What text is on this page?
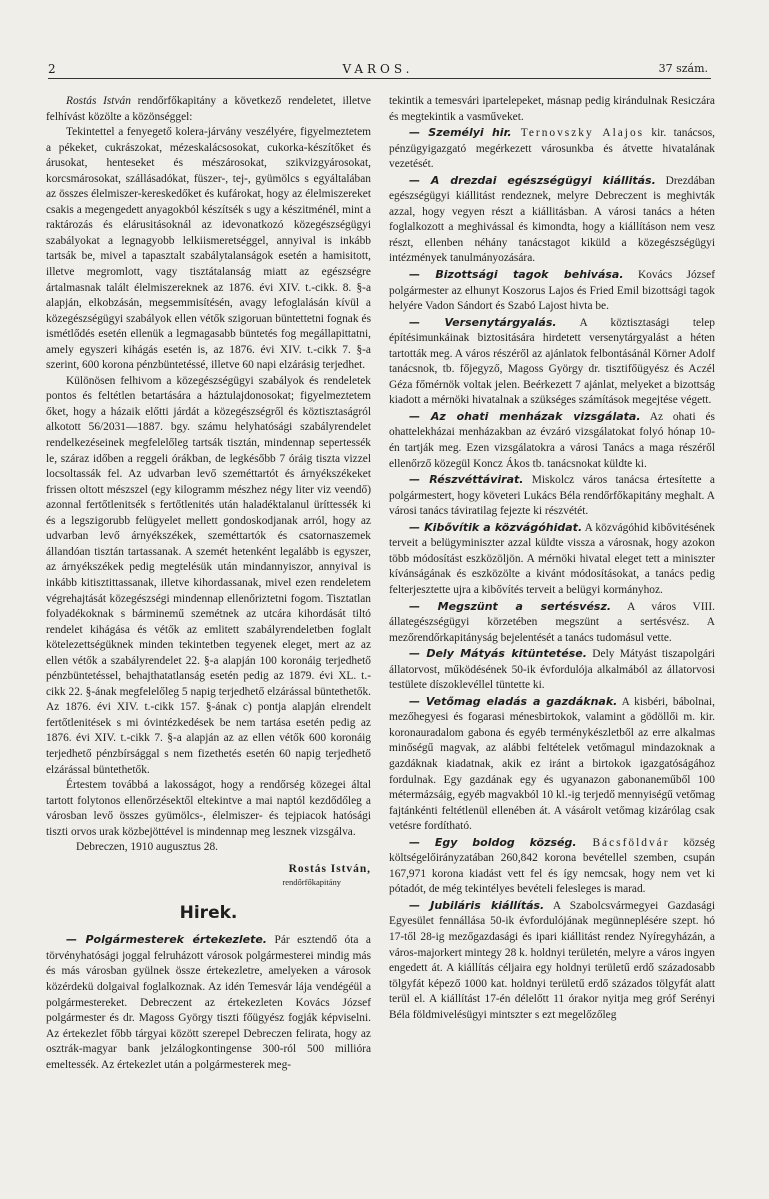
2	VAROS.	37 szám.

Rostás István rendőrfőkapitány a következő rendeletet, illetve felhívást közölte a közönséggel:

Tekintettel a fenyegető kolera-járvány veszélyére, figyelmeztetem a pékeket, cukrászokat, mézeskalácsosokat, cukorka-készítőket és árusokat, henteseket és mészárosokat, szikvizgyárosokat, korcsmárosokat, szállásadókat, füszer-, tej-, gyümölcs s egyáltalában az összes élelmiszer-kereskedőket és kufárokat, hogy az élelmiszereket csakis a megengedett anyagokból készítsék s ugy a készitménél, mint a raktározás és elárusitásoknál az idevonatkozó közegészségügyi szabályokat a legnagyobb lelkiismeretséggel, annyival is inkább tartsák be, mivel a tapasztalt szabálytalanságok esetén a hamisitott, illetve megromlott, vagy tisztátalanság miatt az egészségre ártalmasnak talált élelmiszereknek az 1876. évi XIV. t.-cikk. 8. §-a alapján, elkobzásán, megsemmisítésén, avagy lefoglalásán kívül a közegészségügyi szabályok ellen vétők szigoruan büntettetni fognak és ismétlődés esetén ellenük a legmagasabb büntetés fog megállapittatni, amely egyszeri kihágás esetén is, az 1876. évi XIV. t.-cikk 7. §-a szerint, 600 korona pénzbüntetéssé, illetve 60 napi elzárásig terjedhet.

Különösen felhivom a közegészségügyi szabályok és rendeletek pontos és feltétlen betartására a háztulajdonosokat; figyelmeztetem őket, hogy a házaik előtti járdát a közegészségről és köztisztaságról alkotott 56/2031—1887. bgy. számu helyhatósági szabályrendelet rendelkezéseinek megfelelőleg tartsák tisztán, mindennap sepertessék le, száraz időben a reggeli órákban, de legkésőbb 7 óráig tiszta vizzel locsoltassák fel. Az udvarban levő szeméttartót és árnyékszékeket frissen oltott mészszel (egy kilogramm mészhez négy liter viz veendő) azonnal fertőtlenitsék s fertőtlenités után haladéktalanul üríttessék ki és a legszigorubb felügyelet mellett gondoskodjanak arról, hogy az udvarban levő árnyékszékek, szeméttartók és csatornaszemek állandóan tisztán tartassanak. A szemét hetenként legalább is egyszer, az árnyékszékek pedig megtelésük után mindannyiszor, annyival is inkább kitisztittassanak, illetve kihordassanak, mivel ezen rendeletem végrehajtását közegészségi mindennap ellenőriztetni fogom. Tisztatlan folyadékoknak s bárminemű szemétnek az utcára kihordását tiltó rendelet kihágása és vétők az emlitett szabályrendeletben foglalt kötelezettségüknek minden tekintetben tegyenek eleget, mert az az ellen vétők a szabályrendelet 22. §-a alapján 100 koronáig terjedhető pénzbüntetéssel, behajthatatlanság esetén pedig az 1879. évi XL. t.-cikk 22. §-ának megfelelőleg 5 napig terjedhető elzárással büntethetők. Az 1876. évi XIV. t.-cikk 157. §-ának c) pontja alapján elrendelt fertőtlenitések s mi óvintézkedések be nem tartása esetén pedig az 1876. évi XIV. t.-cikk 7. §-a alapján az az ellen vétők 600 koronáig terjedhető pénzbírsággal s nem fizethetés esetén 60 napig terjedhető elzárással büntethetők.

Értestem továbbá a lakosságot, hogy a rendőrség közegei által tartott folytonos ellenőrzésektől eltekintve a mai naptól kezdődőleg a városban levő összes gyümölcs-, élelmiszer- és tejpiacok hatósági tiszti orvos urak közbejöttével is mindennap meg lesznek vizsgálva.

Debreczen, 1910 augusztus 28.

Rostás István,
rendőrfőkapitány
Hirek.

— Polgármesterek értekezlete. Pár esztendő óta a törvényhatósági joggal felruházott városok polgármesterei mindig más és más városban gyülnek össze értekezletre, amelyeken a városok közérdekü dolgaival foglalkoznak. Az idén Temesvár lája vendégéül a polgármestereket. Debreczent az értekezleten Kovács József polgármester és dr. Magoss György tiszti főügyész fogják képviselni. Az értekezlet főbb tárgyai között szerepel Debreczen felirata, hogy az osztrák-magyar bank jelzálogkontingense 300-ról 500 millióra emeltessék. Az értekezlet után a polgármesterek meg-

tekintik a temesvári ipartelepeket, másnap pedig kirándulnak Resiczára és megtekintik a vasműveket.

— Személyi hir. Ternovszky Alajos kir. tanácsos, pénzügyigazgató megérkezett városunkba és átvette hivatalának vezetését.

— A drezdai egészségügyi kiállitás. Drezdában egészségügyi kiállitást rendeznek, melyre Debreczent is meghivták azzal, hogy vegyen részt a kiállitásban. A városi tanács a héten foglalkozott a meghivással és kimondta, hogy a kiállításon nem vesz részt, ellenben néhány tanácstagot kiküld a közegészségügyi intézmények tanulmányozására.

— Bizottsági tagok behivása. Kovács József polgármester az elhunyt Koszorus Lajos és Fried Emil bizottsági tagok helyére Vadon Sándort és Szabó Lajost hivta be.

— Versenytárgyalás. A köztisztasági telep építésimunkáinak biztositására hirdetett versenytárgyalást a héten tartották meg. A város részéről az ajánlatok felbontásánál Körner Adolf tanácsnok, tb. főjegyző, Magoss György dr. tisztifőügyész és Aczél Géza főmérnök voltak jelen. Beérkezett 7 ajánlat, melyeket a bizottság kiadott a mérnöki hivatalnak a szükséges számítások megejtése végett.

— Az ohati menházak vizsgálata. Az ohati és ohattelekházai menházakban az évzáró vizsgálatokat folyó hónap 10-én tartják meg. Ezen vizsgálatokra a városi Tanács a maga részéről ellenőrző közegül Koncz Ákos tb. tanácsnokat küldte ki.

— Részvéttávirat. Miskolcz város tanácsa értesítette a polgármestert, hogy követeri Lukács Béla rendőrfőkapitány meghalt. A városi tanács táviratilag fejezte ki részvétét.

— Kibővítik a közvágóhidat. A közvágóhid kibővitésének terveit a belügyminiszter azzal küldte vissza a városnak, hogy azokon több módosítást eszközöljön. A mérnöki hivatal eleget tett a miniszter kívánságának és eszközölte a kivánt módosításokat, a tanács pedig felterjesztette ujra a kibővítés terveit a belügyi kormányhoz.

— Megszünt a sertésvész. A város VIII. állategészségügyi körzetében megszünt a sertésvész. A mezőrendőrkapitányság bejelentését a tanács tudomásul vette.

— Dely Mátyás kitüntetése. Dely Mátyást tiszapolgári állatorvost, működésének 50-ik évfordulója alkalmából az állatorvosi testülete díszoklevéllel tüntette ki.

— Vetőmag eladás a gazdáknak. A kisbéri, bábolnai, mezőhegyesi és fogarasi ménesbirtokok, valamint a gödöllői m. kir. koronauradalom gabona és egyéb terménykészletből az erre alkalmas minőségű magvak, az alábbi feltételek vetőmagul mindazoknak a gazdáknak kiadatnak, akik ez iránt a birtokok igazgatóságához fordulnak. Egy gazdának egy és ugyanazon gabonaneműből 100 métermázsáig, egyéb magvakból 10 kl.-ig terjedő mennyiségű vetőmag fajtánkénti feltétlenül ellenében át. A vásárolt vetőmag kizárólag csak vetésre fordítható.

— Egy boldog község. Bácsföldvár község költségelőirányzatában 260,842 korona bevétellel szemben, csupán 167,971 korona kiadást vett fel és így nemcsak, hogy nem vet ki pótadót, de még tekintélyes bevételi felesleges is marad.

— Jubiláris kiállítás. A Szabolcsvármegyei Gazdasági Egyesület fennállása 50-ik évfordulójának megünneplésére szept. hó 17-től 28-ig mezőgazdasági és ipari kiállitást rendez Nyíregyházán, a város-majorkert mintegy 28 k. holdnyi területén, melyre a város ingyen engedett át. A kiállítás céljaira egy holdnyi területű erdő századosabb tölgyfát képező 1000 kat. holdnyi területű erdő százados tölgyfát alatt terül el. A kiállítást 17-én délelőtt 11 órakor nyitja meg gróf Serényi Béla földmivelésügyi mintszter s ezt megelőzőleg
